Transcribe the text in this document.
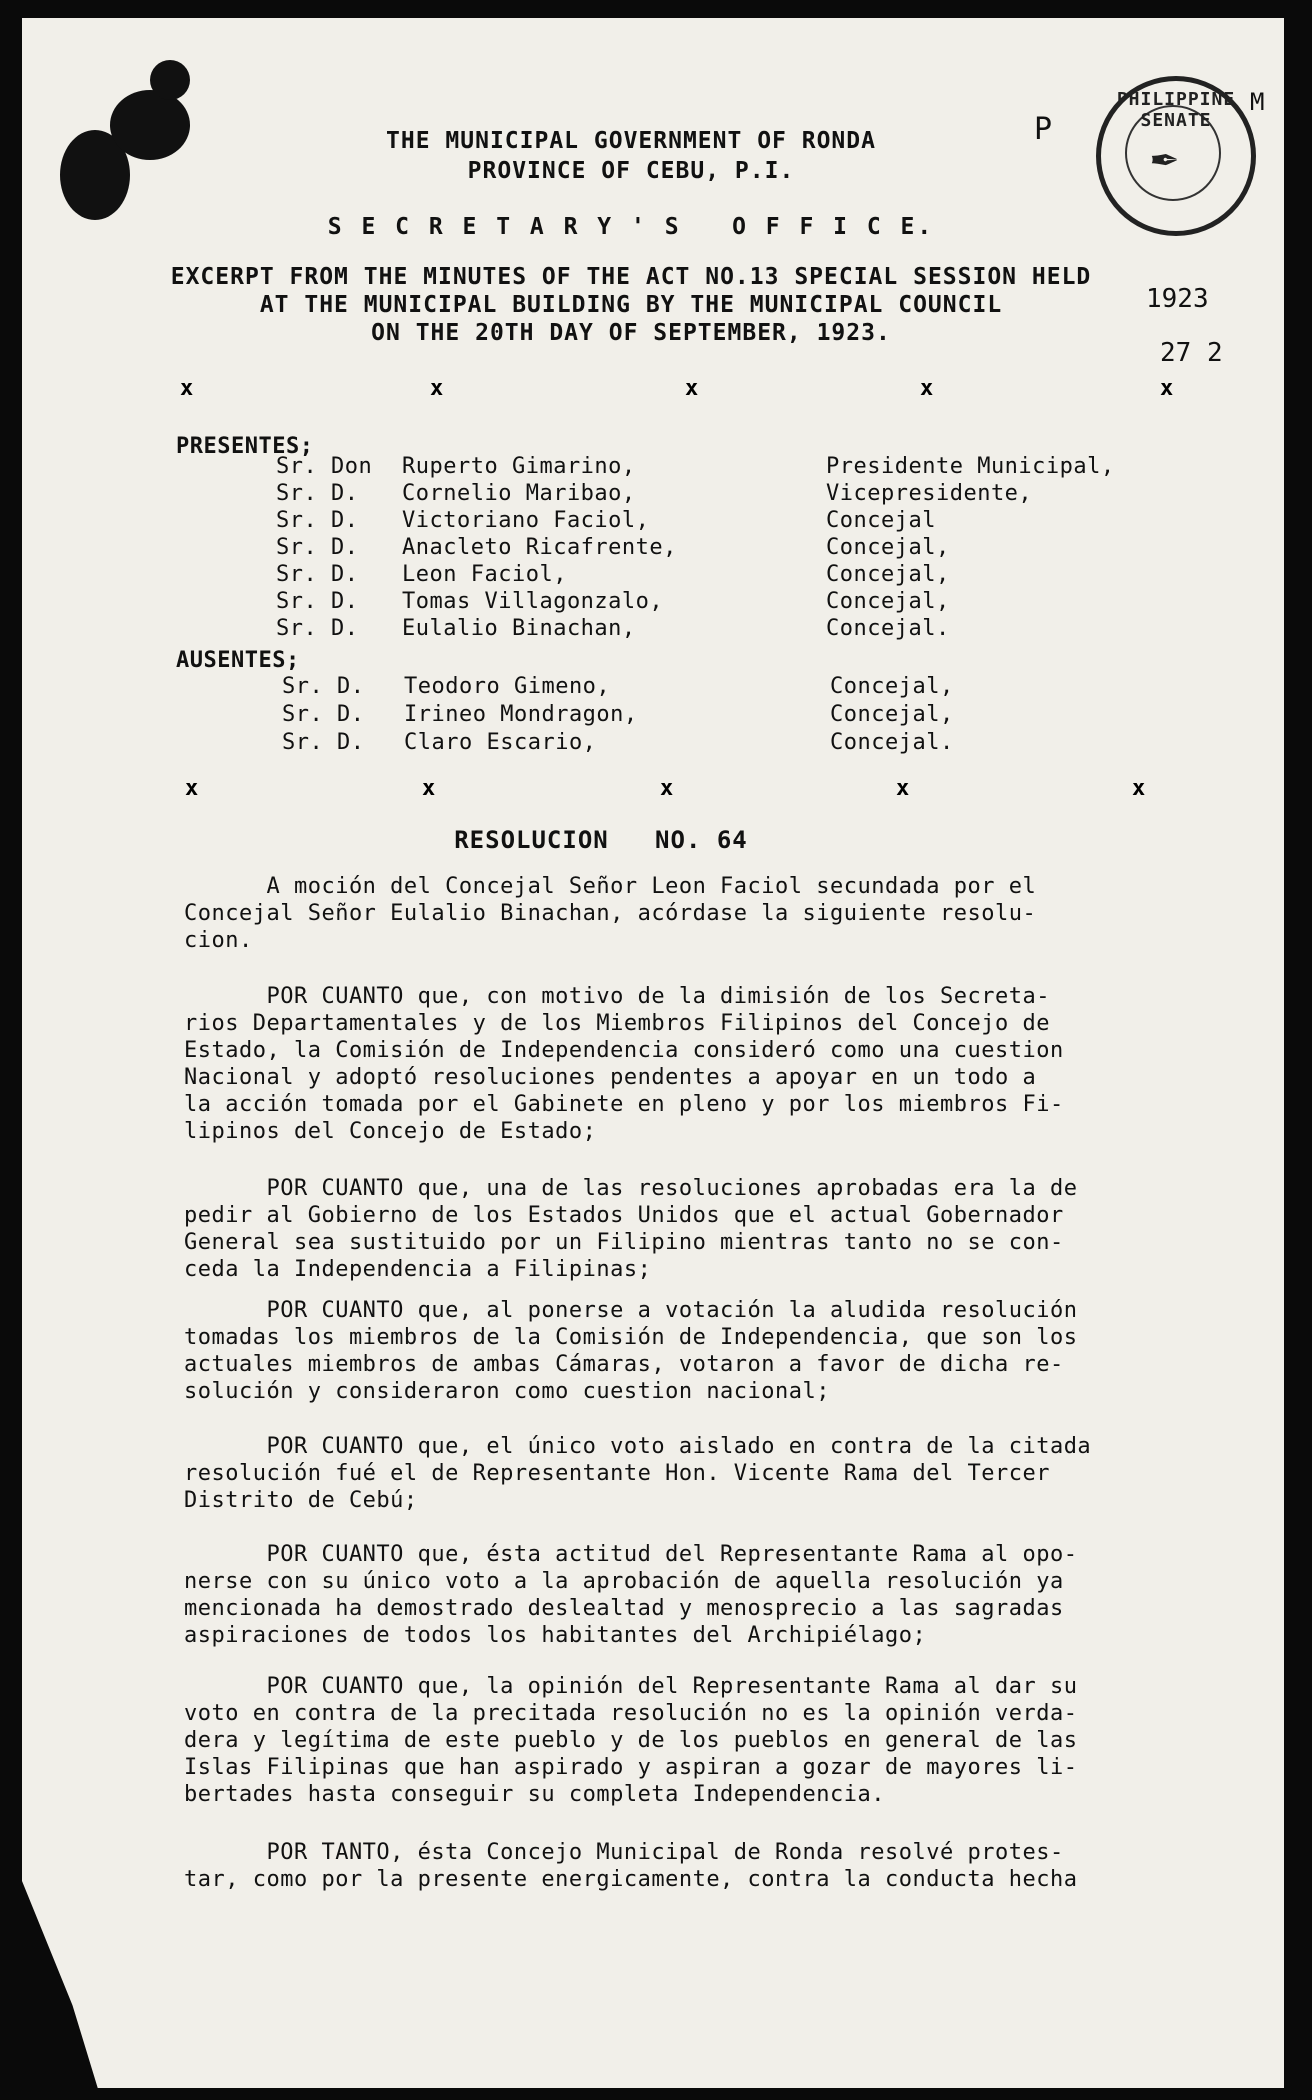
PHILIPPINE SENATE
✒
P
M
1923
27 2
THE MUNICIPAL GOVERNMENT OF RONDA
PROVINCE OF CEBU, P.I.
S E C R E T A R Y ' S   O F F I C E.
EXCERPT FROM THE MINUTES OF THE ACT NO.13 SPECIAL SESSION HELD
AT THE MUNICIPAL BUILDING BY THE MUNICIPAL COUNCIL
ON THE 20TH DAY OF SEPTEMBER, 1923.
x	x	x	x	x
PRESENTES;
Sr. Don Ruperto Gimarino,	Presidente Municipal,
Sr. D. Cornelio Maribao,	Vicepresidente,
Sr. D. Victoriano Faciol,	Concejal
Sr. D. Anacleto Ricafrente,	Concejal,
Sr. D. Leon Faciol,	Concejal,
Sr. D. Tomas Villagonzalo,	Concejal,
Sr. D. Eulalio Binachan,	Concejal.
AUSENTES;
Sr. D. Teodoro Gimeno,	Concejal,
Sr. D. Irineo Mondragon,	Concejal,
Sr. D. Claro Escario,	Concejal.
x	x	x	x	x
RESOLUCION   NO. 64
A moción del Concejal Señor Leon Faciol secundada por el
Concejal Señor Eulalio Binachan, acórdase la siguiente resolu-
cion.
POR CUANTO que, con motivo de la dimisión de los Secreta-
rios Departamentales y de los Miembros Filipinos del Concejo de
Estado, la Comisión de Independencia consideró como una cuestion
Nacional y adoptó resoluciones pendentes a apoyar en un todo a
la acción tomada por el Gabinete en pleno y por los miembros Fi-
lipinos del Concejo de Estado;
POR CUANTO que, una de las resoluciones aprobadas era la de
pedir al Gobierno de los Estados Unidos que el actual Gobernador
General sea sustituido por un Filipino mientras tanto no se con-
ceda la Independencia a Filipinas;
POR CUANTO que, al ponerse a votación la aludida resolución
tomadas los miembros de la Comisión de Independencia, que son los
actuales miembros de ambas Cámaras, votaron a favor de dicha re-
solución y consideraron como cuestion nacional;
POR CUANTO que, el único voto aislado en contra de la citada
resolución fué el de Representante Hon. Vicente Rama del Tercer
Distrito de Cebú;
POR CUANTO que, ésta actitud del Representante Rama al opo-
nerse con su único voto a la aprobación de aquella resolución ya
mencionada ha demostrado deslealtad y menosprecio a las sagradas
aspiraciones de todos los habitantes del Archipiélago;
POR CUANTO que, la opinión del Representante Rama al dar su
voto en contra de la precitada resolución no es la opinión verda-
dera y legítima de este pueblo y de los pueblos en general de las
Islas Filipinas que han aspirado y aspiran a gozar de mayores li-
bertades hasta conseguir su completa Independencia.
POR TANTO, ésta Concejo Municipal de Ronda resolvé protes-
tar, como por la presente energicamente, contra la conducta hecha
